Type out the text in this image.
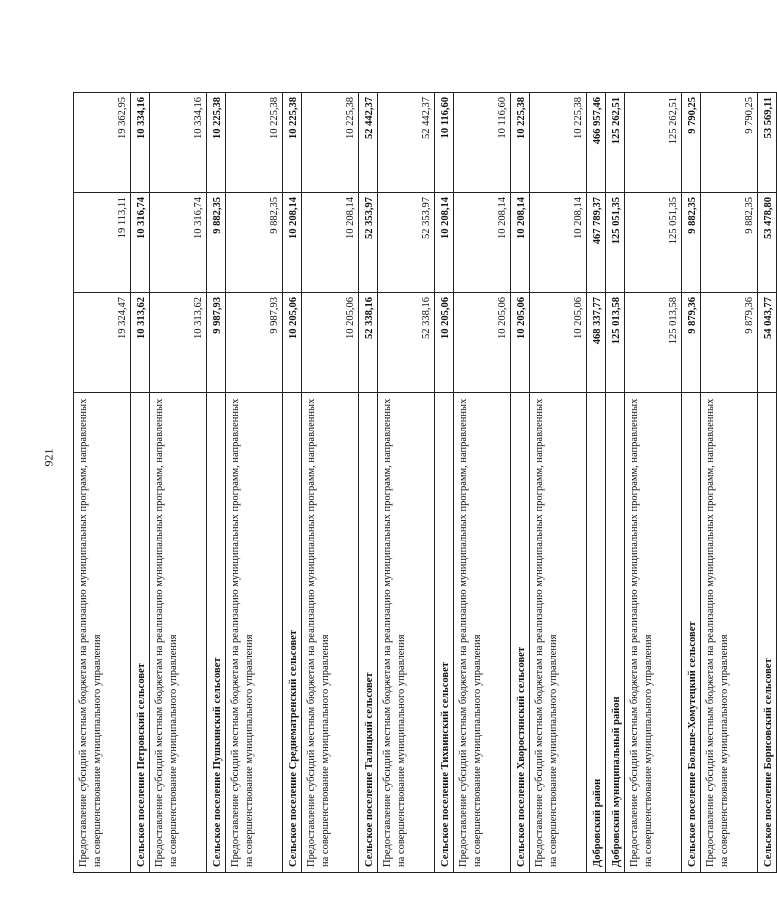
921 Предоставление субсидий местным бюджетам на реализацию муниципальных программ, направленных на совершенствование муниципального управления	19 324,47	19 113,11	19 362,95
Сельское поселение Петровский сельсовет	10 313,62	10 316,74	10 334,16
Предоставление субсидий местным бюджетам на реализацию муниципальных программ, направленных на совершенствование муниципального управления	10 313,62	10 316,74	10 334,16
Сельское поселение Пушкинский сельсовет	9 987,93	9 882,35	10 225,38
Предоставление субсидий местным бюджетам на реализацию муниципальных программ, направленных на совершенствование муниципального управления	9 987,93	9 882,35	10 225,38
Сельское поселение Среднематренский сельсовет	10 205,06	10 208,14	10 225,38
Предоставление субсидий местным бюджетам на реализацию муниципальных программ, направленных на совершенствование муниципального управления	10 205,06	10 208,14	10 225,38
Сельское поселение Талицкий сельсовет	52 338,16	52 353,97	52 442,37
Предоставление субсидий местным бюджетам на реализацию муниципальных программ, направленных на совершенствование муниципального управления	52 338,16	52 353,97	52 442,37
Сельское поселение Тихвинский сельсовет	10 205,06	10 208,14	10 116,60
Предоставление субсидий местным бюджетам на реализацию муниципальных программ, направленных на совершенствование муниципального управления	10 205,06	10 208,14	10 116,60
Сельское поселение Хворостянский сельсовет	10 205,06	10 208,14	10 225,38
Предоставление субсидий местным бюджетам на реализацию муниципальных программ, направленных на совершенствование муниципального управления	10 205,06	10 208,14	10 225,38
Добровский район	468 337,77	467 789,37	466 957,46
Добровский муниципальный район	125 013,58	125 051,35	125 262,51
Предоставление субсидий местным бюджетам на реализацию муниципальных программ, направленных на совершенствование муниципального управления	125 013,58	125 051,35	125 262,51
Сельское поселение Больше-Хомутецкий сельсовет	9 879,36	9 882,35	9 790,25
Предоставление субсидий местным бюджетам на реализацию муниципальных программ, направленных на совершенствование муниципального управления	9 879,36	9 882,35	9 790,25
Сельское поселение Борисовский сельсовет	54 043,77	53 478,80	53 569,11
